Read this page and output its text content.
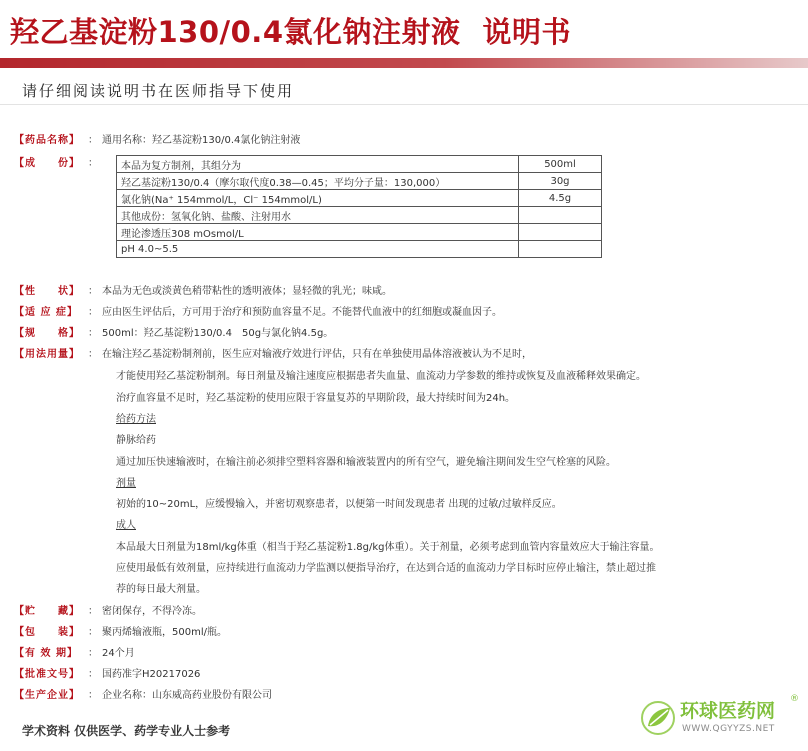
羟乙基淀粉130/0.4氯化钠注射液 说明书
请仔细阅读说明书在医师指导下使用
【药品名称】 ： 通用名称：羟乙基淀粉130/0.4氯化钠注射液
【成　　份】 ：	本品为复方制剂，其组分为	500ml
羟乙基淀粉130/0.4（摩尔取代度0.38—0.45；平均分子量：130,000）	30g
氯化钠(Na⁺ 154mmol/L，Cl⁻ 154mmol/L)	4.5g
其他成份：氢氧化钠、盐酸、注射用水	
理论渗透压308 mOsmol/L	
pH 4.0~5.5	
【性　　状】 ： 本品为无色或淡黄色稍带粘性的透明液体；显轻微的乳光；味咸。
【适 应 症】	： 应由医生评估后，方可用于治疗和预防血容量不足。不能替代血液中的红细胞或凝血因子。
【规　　格】 ： 500ml：羟乙基淀粉130/0.4　50g与氯化钠4.5g。
【用法用量】 ： 在输注羟乙基淀粉制剂前，医生应对输液疗效进行评估，只有在单独使用晶体溶液被认为不足时，
才能使用羟乙基淀粉制剂。每日剂量及输注速度应根据患者失血量、血流动力学参数的维持或恢复及血液稀释效果确定。
治疗血容量不足时，羟乙基淀粉的使用应限于容量复苏的早期阶段，最大持续时间为24h。
给药方法
静脉给药
通过加压快速输液时，在输注前必须排空塑料容器和输液装置内的所有空气，避免输注期间发生空气栓塞的风险。
剂量
初始的10~20mL，应缓慢输入，并密切观察患者，以便第一时间发现患者 出现的过敏/过敏样反应。
成人
本品最大日剂量为18ml/kg体重（相当于羟乙基淀粉1.8g/kg体重）。关于剂量，必须考虑到血管内容量效应大于输注容量。
应使用最低有效剂量，应持续进行血流动力学监测以便指导治疗，在达到合适的血流动力学目标时应停止输注，禁止超过推
荐的每日最大剂量。
【贮　　藏】 ： 密闭保存，不得冷冻。
【包　　装】 ： 聚丙烯输液瓶，500ml/瓶。
【有 效 期】	： 24个月
【批准文号】 ： 国药准字H20217026
【生产企业】 ： 企业名称：山东威高药业股份有限公司
学术资料 仅供医学、药学专业人士参考
环球医药网
®
WWW.QGYYZS.NET
